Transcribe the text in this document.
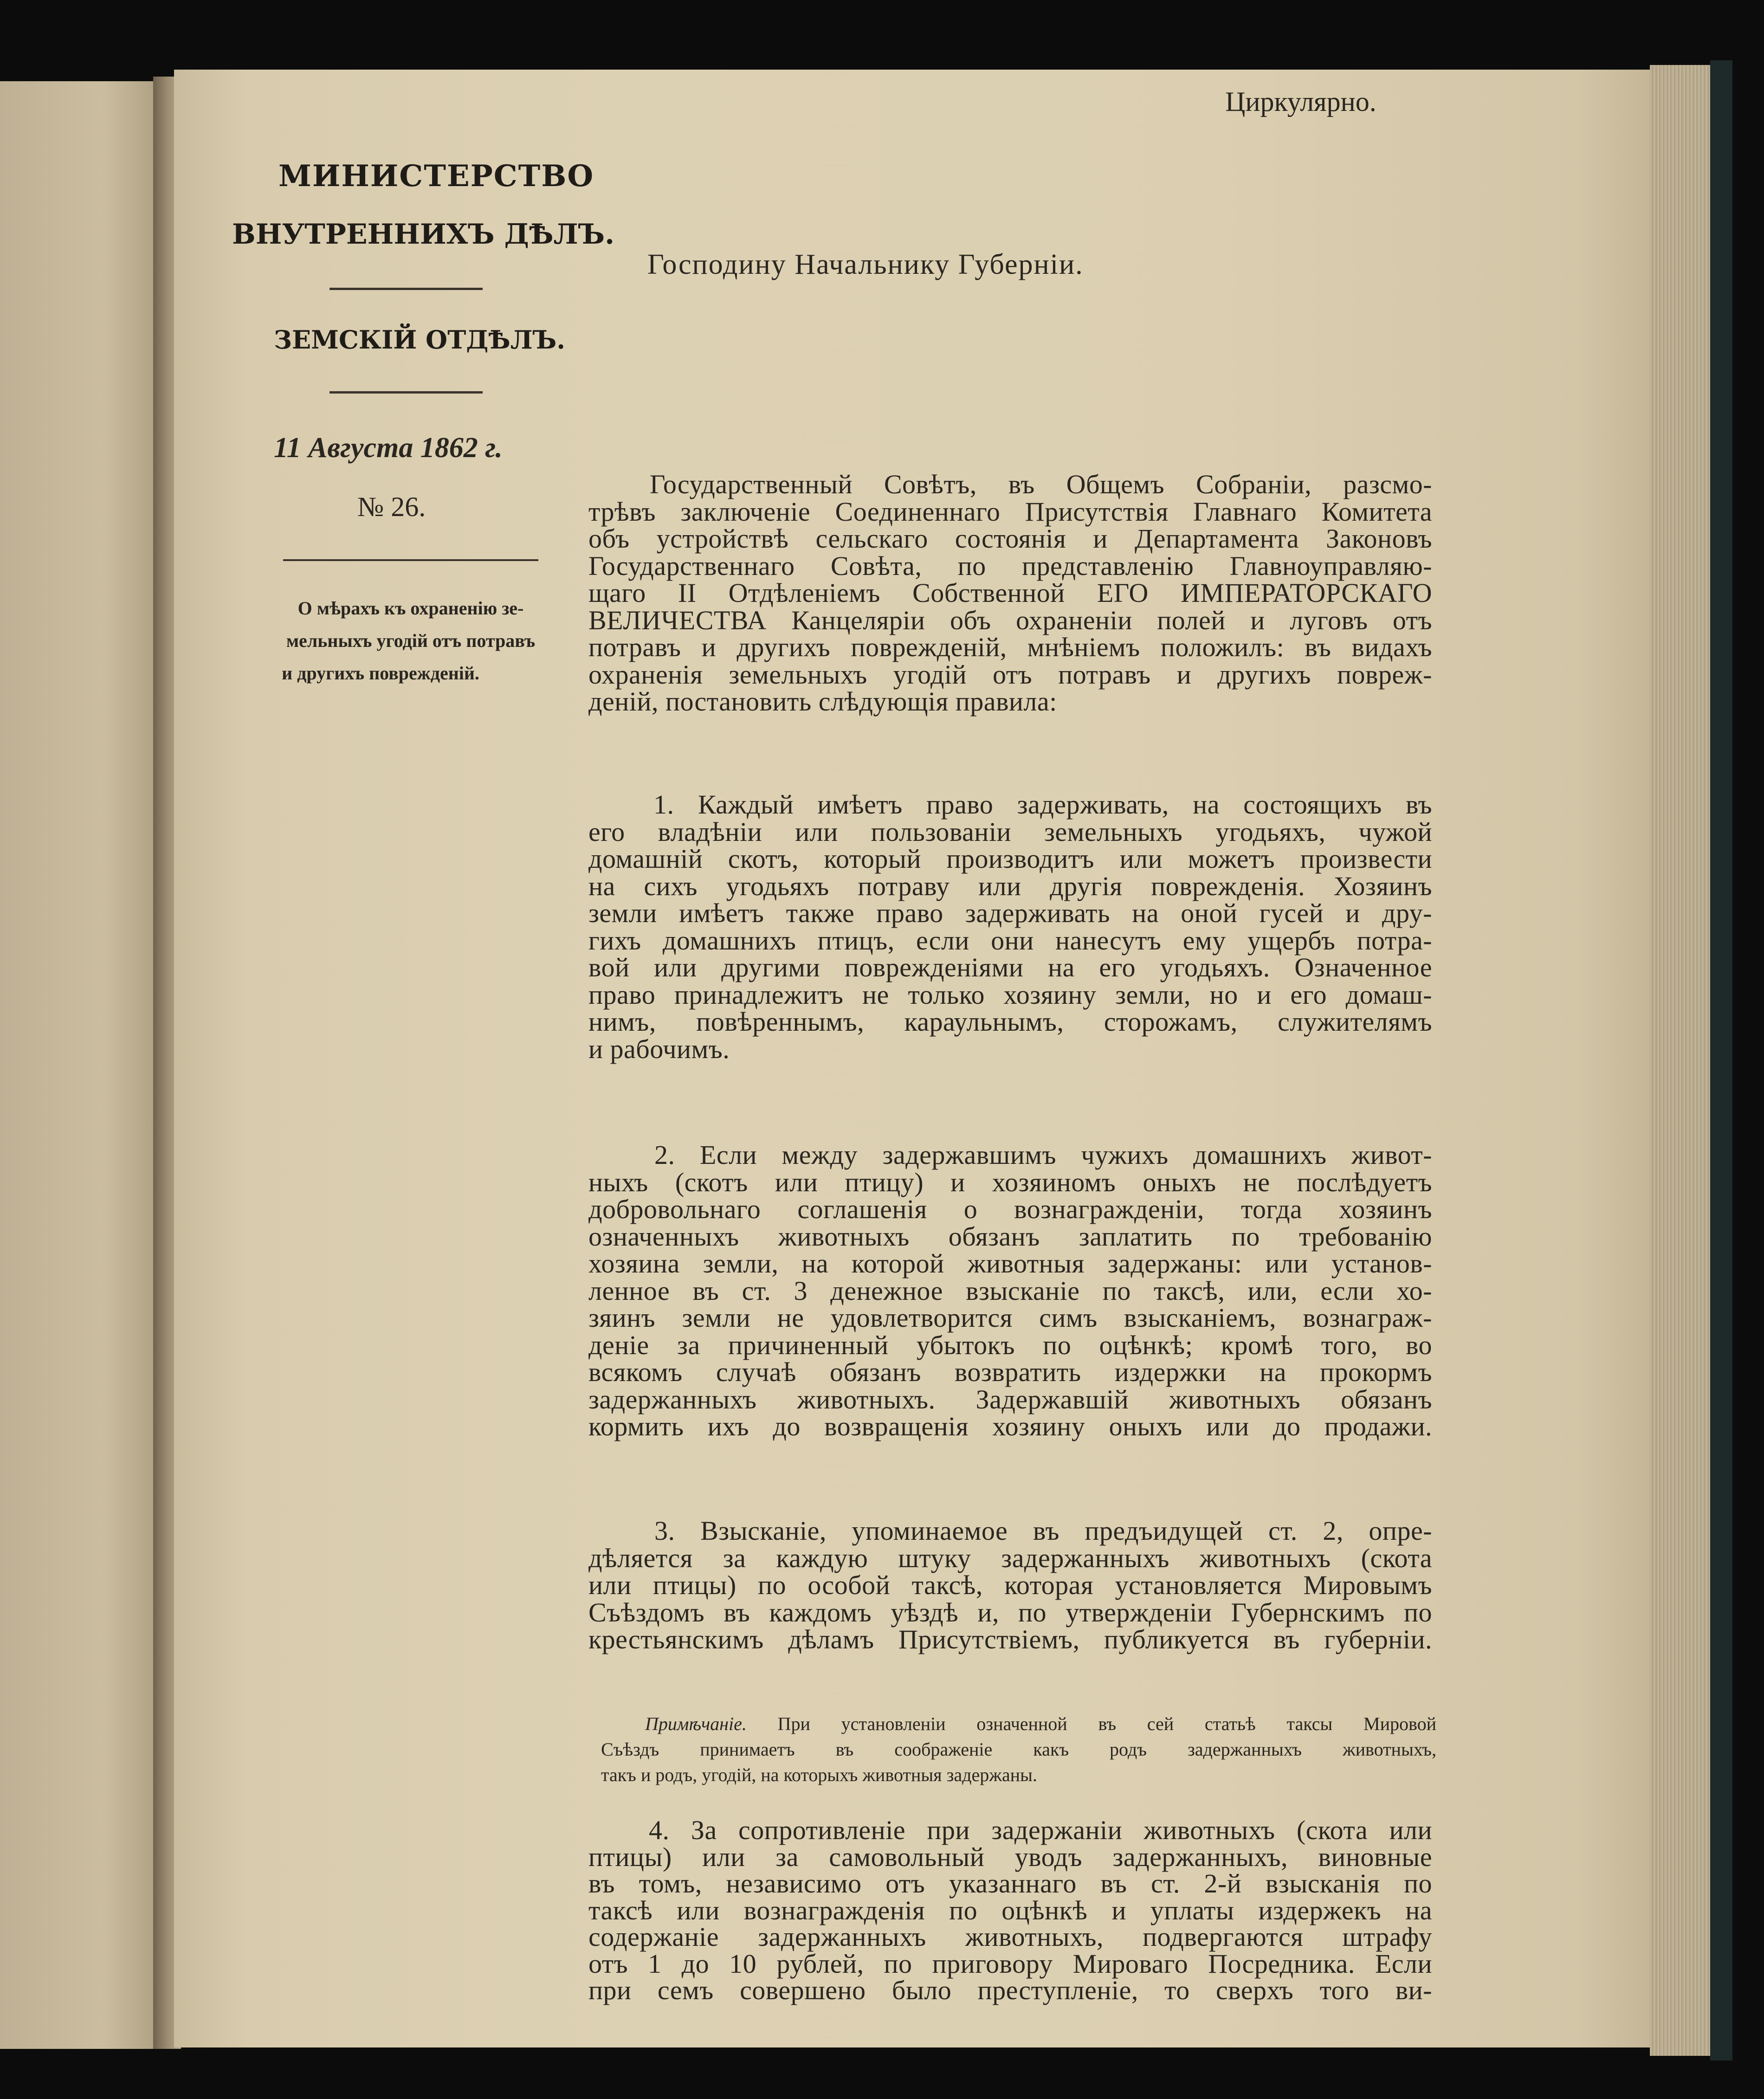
Циркулярно.
МИНИСТЕРСТВО
ВНУТРЕННИХЪ ДѢЛЪ.
ЗЕМСКІЙ ОТДѢЛЪ.
11 Августа 1862 г.
№ 26.
О мѣрахъ къ охраненію зе-
мельныхъ угодій отъ потравъ
и другихъ поврежденій.
Господину Начальнику Губерніи.
Государственный Совѣтъ, въ Общемъ Собраніи, разсмо-
трѣвъ заключеніе Соединеннаго Присутствія Главнаго Комитета
объ устройствѣ сельскаго состоянія и Департамента Законовъ
Государственнаго Совѣта, по представленію Главноуправляю-
щаго II Отдѣленіемъ Собственной ЕГО ИМПЕРАТОРСКАГО
ВЕЛИЧЕСТВА Канцеляріи объ охраненіи полей и луговъ отъ
потравъ и другихъ поврежденій, мнѣніемъ положилъ: въ видахъ
охраненія земельныхъ угодій отъ потравъ и другихъ повреж-
деній, постановить слѣдующія правила:
1. Каждый имѣетъ право задерживать, на состоящихъ въ
его владѣніи или пользованіи земельныхъ угодьяхъ, чужой
домашній скотъ, который производитъ или можетъ произвести
на сихъ угодьяхъ потраву или другія поврежденія. Хозяинъ
земли имѣетъ также право задерживать на оной гусей и дру-
гихъ домашнихъ птицъ, если они нанесутъ ему ущербъ потра-
вой или другими поврежденіями на его угодьяхъ. Означенное
право принадлежитъ не только хозяину земли, но и его домаш-
нимъ, повѣреннымъ, караульнымъ, сторожамъ, служителямъ
и рабочимъ.
2. Если между задержавшимъ чужихъ домашнихъ живот-
ныхъ (скотъ или птицу) и хозяиномъ оныхъ не послѣдуетъ
добровольнаго соглашенія о вознагражденіи, тогда хозяинъ
означенныхъ животныхъ обязанъ заплатить по требованію
хозяина земли, на которой животныя задержаны: или установ-
ленное въ ст. 3 денежное взысканіе по таксѣ, или, если хо-
зяинъ земли не удовлетворится симъ взысканіемъ, вознаграж-
деніе за причиненный убытокъ по оцѣнкѣ; кромѣ того, во
всякомъ случаѣ обязанъ возвратить издержки на прокормъ
задержанныхъ животныхъ. Задержавшій животныхъ обязанъ
кормить ихъ до возвращенія хозяину оныхъ или до продажи.
3. Взысканіе, упоминаемое въ предъидущей ст. 2, опре-
дѣляется за каждую штуку задержанныхъ животныхъ (скота
или птицы) по особой таксѣ, которая установляется Мировымъ
Съѣздомъ въ каждомъ уѣздѣ и, по утвержденіи Губернскимъ по
крестьянскимъ дѣламъ Присутствіемъ, публикуется въ губерніи.
Примѣчаніе. При установленіи означенной въ сей статьѣ таксы Мировой
Съѣздъ принимаетъ въ соображеніе какъ родъ задержанныхъ животныхъ,
такъ и родъ, угодій, на которыхъ животныя задержаны.
4. За сопротивленіе при задержаніи животныхъ (скота или
птицы) или за самовольный уводъ задержанныхъ, виновные
въ томъ, независимо отъ указаннаго въ ст. 2-й взысканія по
таксѣ или вознагражденія по оцѣнкѣ и уплаты издержекъ на
содержаніе задержанныхъ животныхъ, подвергаются штрафу
отъ 1 до 10 рублей, по приговору Мироваго Посредника. Если
при семъ совершено было преступленіе, то сверхъ того ви-
